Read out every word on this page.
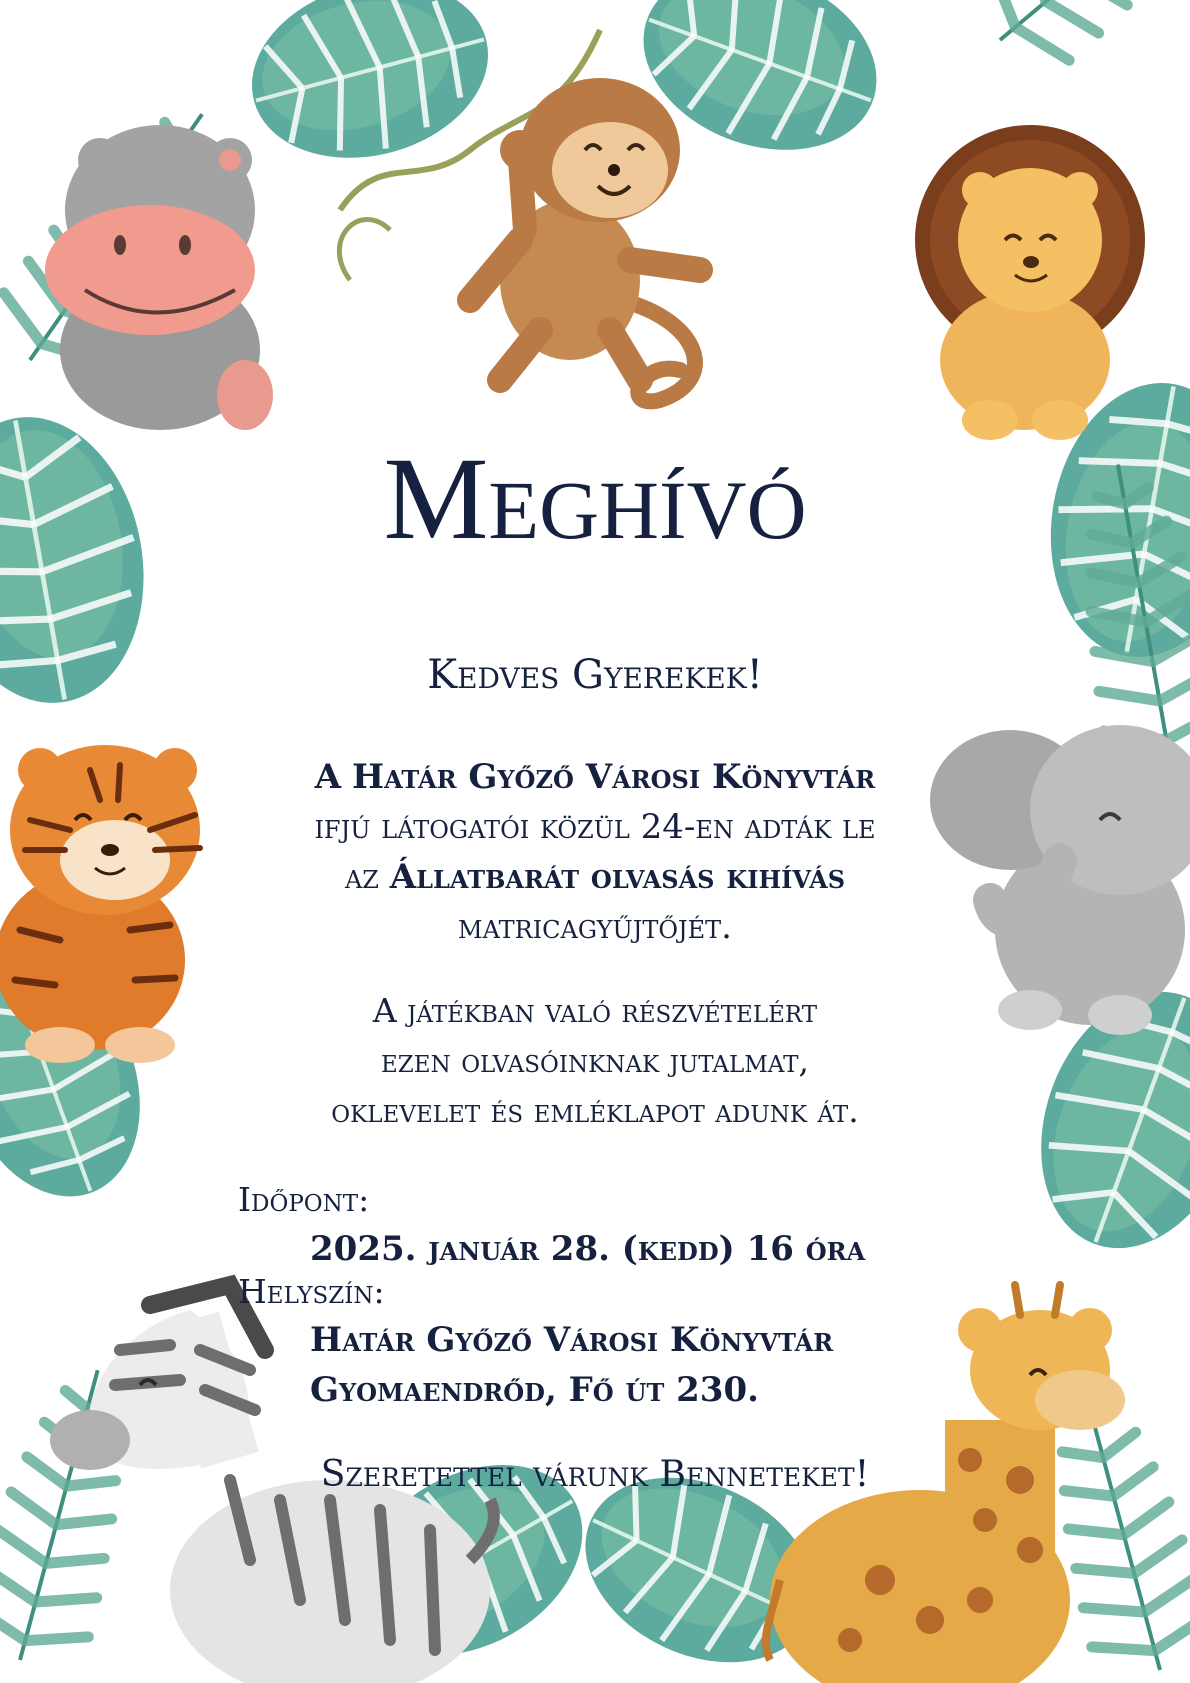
Meghívó
Kedves Gyerekek!
A Határ Győző Városi Könyvtár
ifjú látogatói közül 24-en adták le
az Állatbarát olvasás kihívás
matricagyűjtőjét.
A játékban való részvételért
ezen olvasóinknak jutalmat,
oklevelet és emléklapot adunk át.
Időpont:
2025. január 28. (kedd) 16 óra
Helyszín:
Határ Győző Városi Könyvtár
Gyomaendrőd, Fő út 230.
Szeretettel várunk Benneteket!
